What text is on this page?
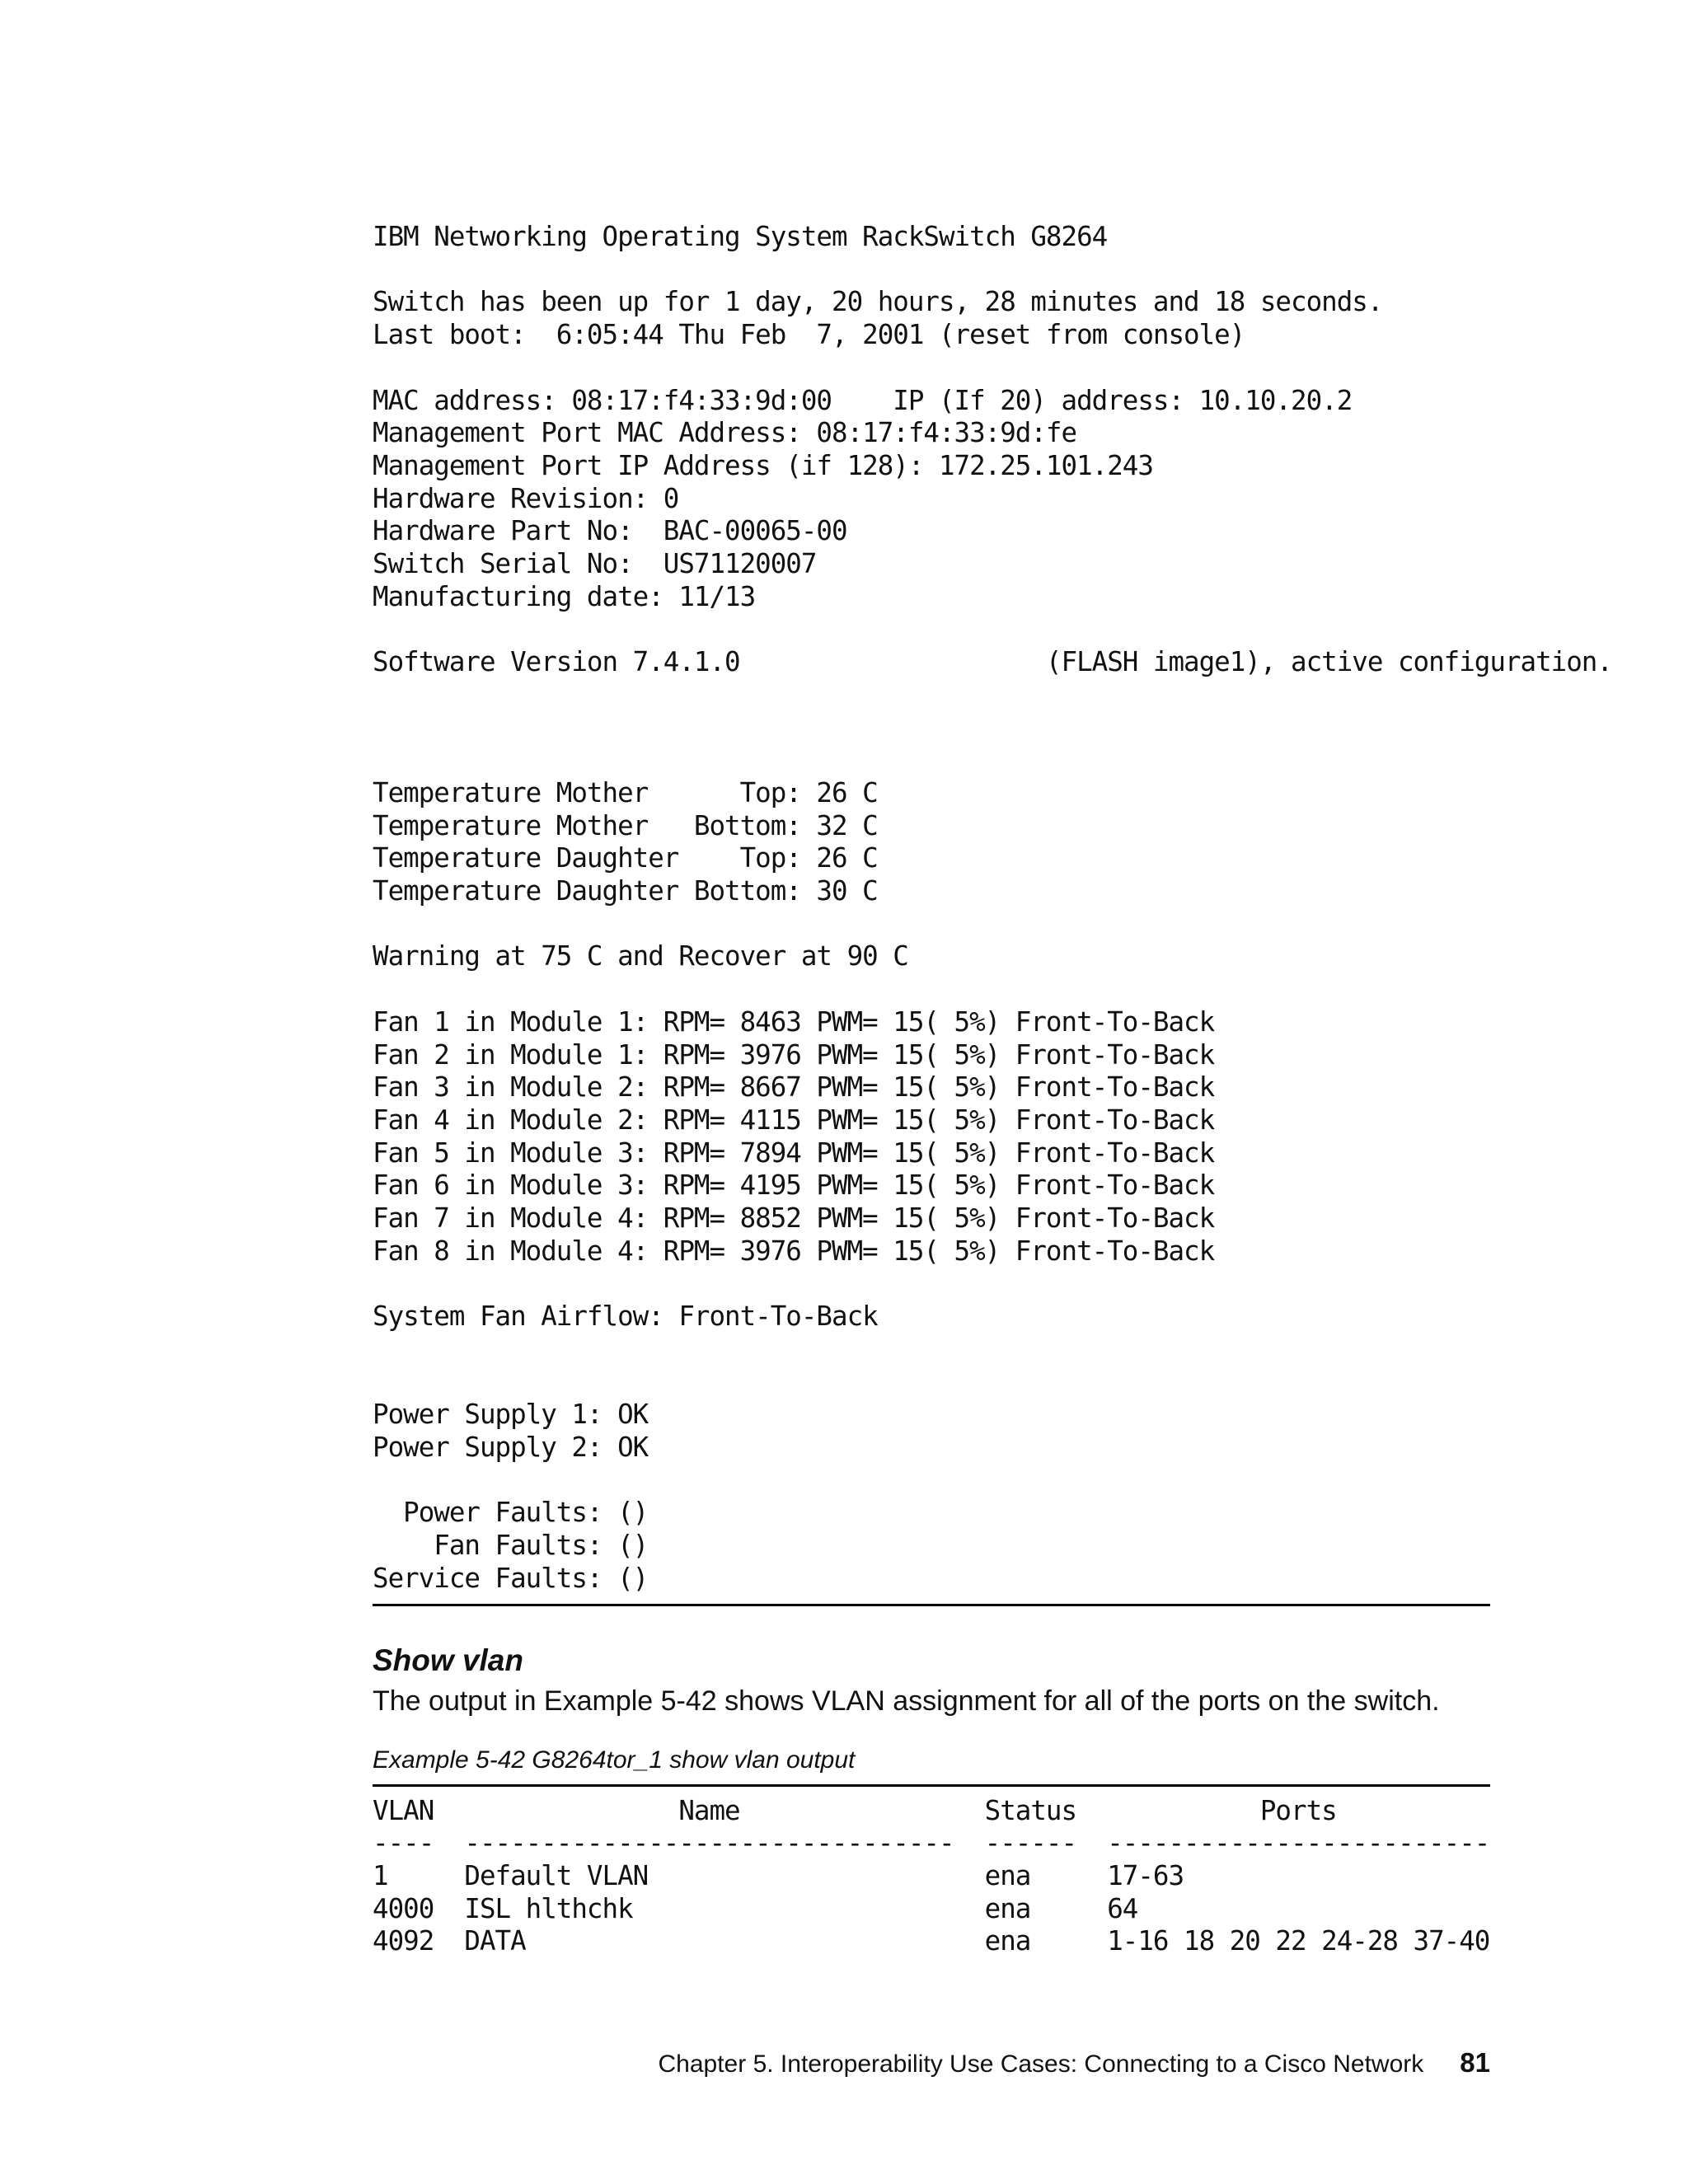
IBM Networking Operating System RackSwitch G8264

Switch has been up for 1 day, 20 hours, 28 minutes and 18 seconds.
Last boot:  6:05:44 Thu Feb  7, 2001 (reset from console)

MAC address: 08:17:f4:33:9d:00    IP (If 20) address: 10.10.20.2
Management Port MAC Address: 08:17:f4:33:9d:fe
Management Port IP Address (if 128): 172.25.101.243
Hardware Revision: 0
Hardware Part No:  BAC-00065-00
Switch Serial No:  US71120007
Manufacturing date: 11/13

Software Version 7.4.1.0                    (FLASH image1), active configuration.

Temperature Mother      Top: 26 C
Temperature Mother   Bottom: 32 C
Temperature Daughter    Top: 26 C
Temperature Daughter Bottom: 30 C

Warning at 75 C and Recover at 90 C

Fan 1 in Module 1: RPM= 8463 PWM= 15( 5%) Front-To-Back
Fan 2 in Module 1: RPM= 3976 PWM= 15( 5%) Front-To-Back
Fan 3 in Module 2: RPM= 8667 PWM= 15( 5%) Front-To-Back
Fan 4 in Module 2: RPM= 4115 PWM= 15( 5%) Front-To-Back
Fan 5 in Module 3: RPM= 7894 PWM= 15( 5%) Front-To-Back
Fan 6 in Module 3: RPM= 4195 PWM= 15( 5%) Front-To-Back
Fan 7 in Module 4: RPM= 8852 PWM= 15( 5%) Front-To-Back
Fan 8 in Module 4: RPM= 3976 PWM= 15( 5%) Front-To-Back

System Fan Airflow: Front-To-Back

Power Supply 1: OK
Power Supply 2: OK

Power Faults: ()
Fan Faults: ()
Service Faults: ()
Show vlan
The output in Example 5-42 shows VLAN assignment for all of the ports on the switch.
Example 5-42 G8264tor_1 show vlan output
VLAN                Name                Status            Ports
----  --------------------------------  ------  -------------------------
1     Default VLAN                      ena     17-63
4000  ISL hlthchk                       ena     64
4092  DATA                              ena     1-16 18 20 22 24-28 37-40
Chapter 5. Interoperability Use Cases: Connecting to a Cisco Network 81
